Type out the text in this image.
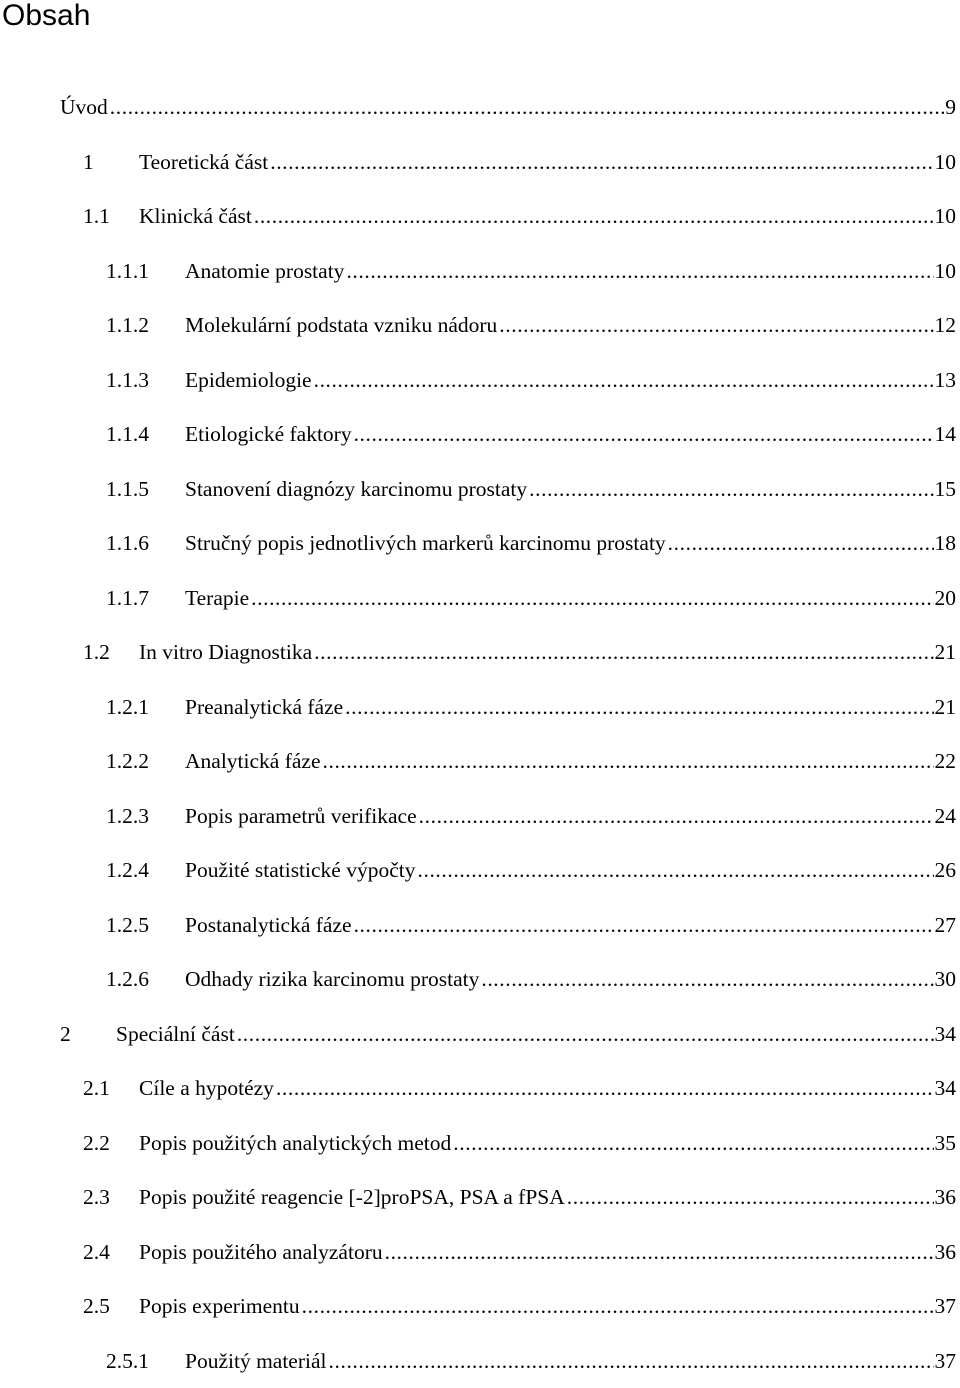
Obsah
Úvod .....	9
1	Teoretická část .....	10
1.1	Klinická část .....	10
1.1.1	Anatomie prostaty .....	10
1.1.2	Molekulární podstata vzniku nádoru .....	12
1.1.3	Epidemiologie .....	13
1.1.4	Etiologické faktory .....	14
1.1.5	Stanovení diagnózy karcinomu prostaty .....	15
1.1.6	Stručný popis jednotlivých markerů karcinomu prostaty .....	18
1.1.7	Terapie .....	20
1.2	In vitro Diagnostika .....	21
1.2.1	Preanalytická fáze .....	21
1.2.2	Analytická fáze .....	22
1.2.3	Popis parametrů verifikace .....	24
1.2.4	Použité statistické výpočty .....	26
1.2.5	Postanalytická fáze .....	27
1.2.6	Odhady rizika karcinomu prostaty .....	30
2	Speciální část .....	34
2.1	Cíle a hypotézy .....	34
2.2	Popis použitých analytických metod .....	35
2.3	Popis použité reagencie [-2]proPSA, PSA a fPSA .....	36
2.4	Popis použitého analyzátoru .....	36
2.5	Popis experimentu .....	37
2.5.1	Použitý materiál .....	37
